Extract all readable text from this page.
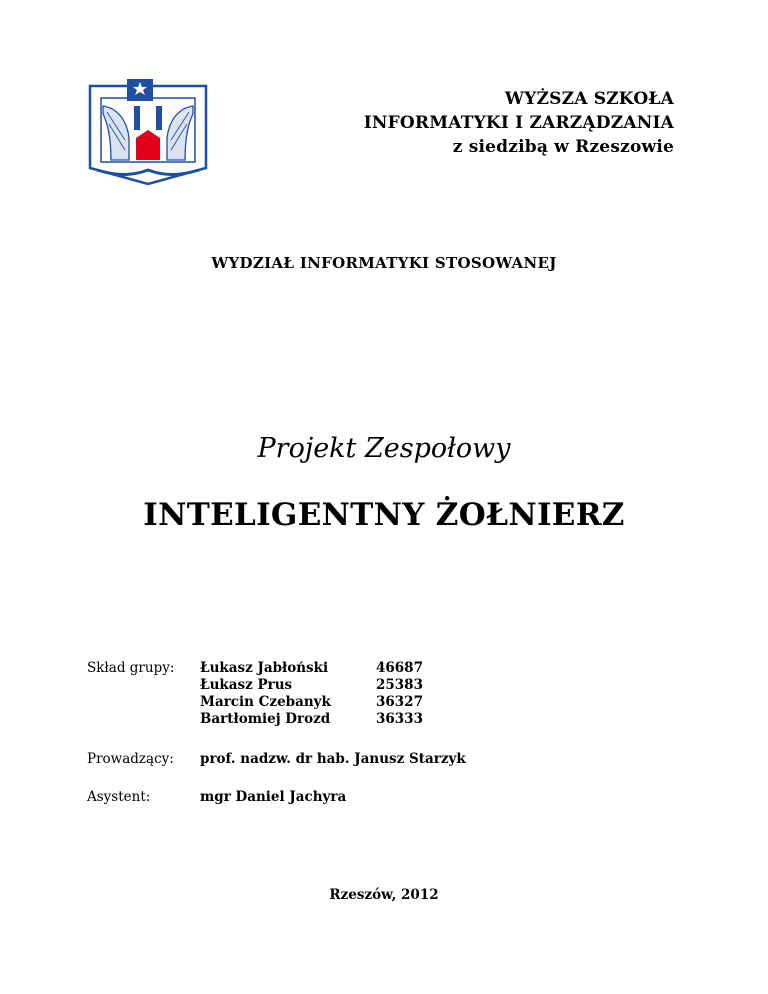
WYŻSZA SZKOŁA
INFORMATYKI I ZARZĄDZANIA
z siedzibą w Rzeszowie
WYDZIAŁ INFORMATYKI STOSOWANEJ
Projekt Zespołowy
INTELIGENTNY ŻOŁNIERZ
Skład grupy: Łukasz Jabłoński
Łukasz Prus
Marcin Czebanyk
Bartłomiej Drozd
46687
25383
36327
36333
Prowadzący: prof. nadzw. dr hab. Janusz Starzyk
Asystent:	mgr Daniel Jachyra
Rzeszów, 2012
